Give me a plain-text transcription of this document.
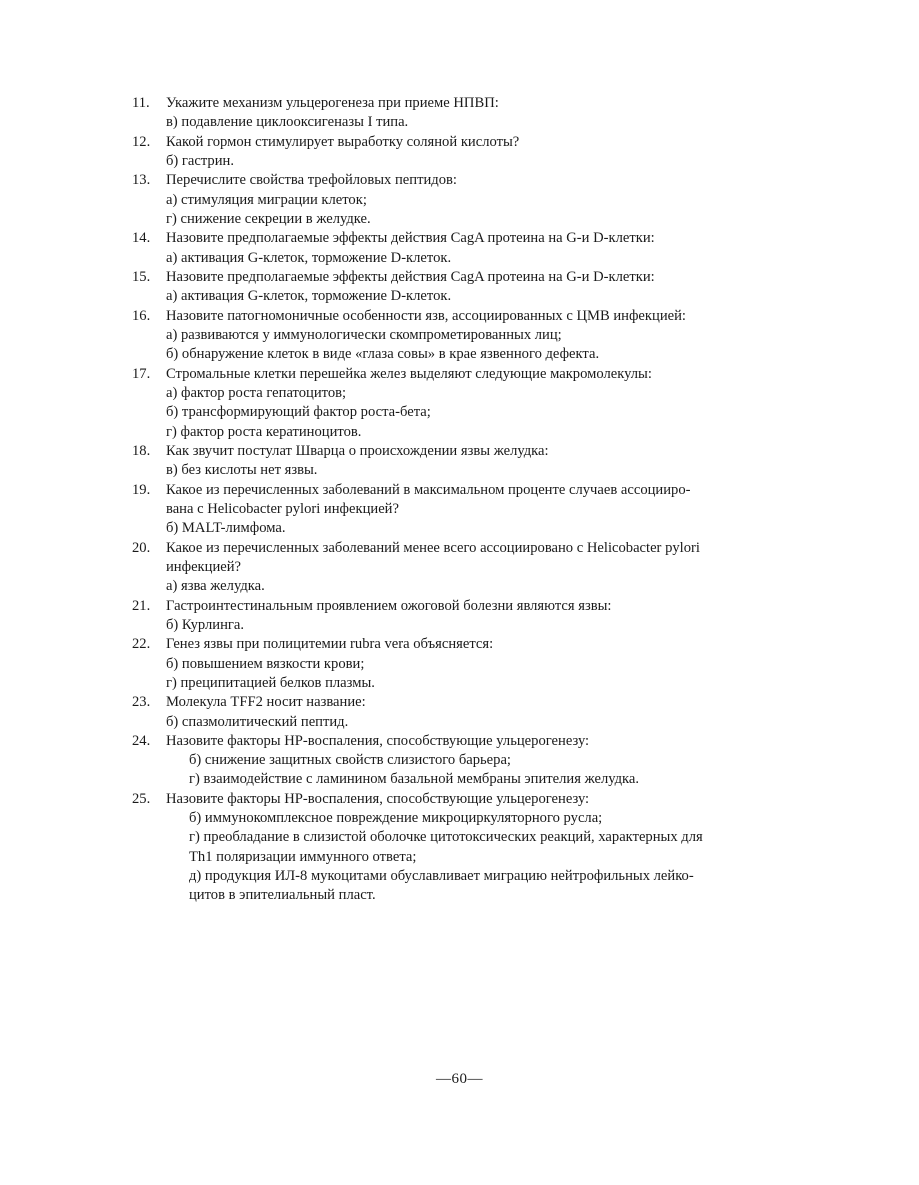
11. Укажите механизм ульцерогенеза при приеме НПВП:
в) подавление циклооксигеназы I типа.
12. Какой гормон стимулирует выработку соляной кислоты?
б) гастрин.
13. Перечислите свойства трефойловых пептидов:
а) стимуляция миграции клеток;
г) снижение секреции в желудке.
14. Назовите предполагаемые эффекты действия CagA протеина на G-и D-клетки:
а) активация G-клеток, торможение D-клеток.
15. Назовите предполагаемые эффекты действия CagA протеина на G-и D-клетки:
а) активация G-клеток, торможение D-клеток.
16. Назовите патогномоничные особенности язв, ассоциированных с ЦМВ инфекцией:
а) развиваются у иммунологически скомпрометированных лиц;
б) обнаружение клеток в виде «глаза совы» в крае язвенного дефекта.
17. Стромальные клетки перешейка желез выделяют следующие макромолекулы:
а) фактор роста гепатоцитов;
б) трансформирующий фактор роста-бета;
г) фактор роста кератиноцитов.
18. Как звучит постулат Шварца о происхождении язвы желудка:
в) без кислоты нет язвы.
19. Какое из перечисленных заболеваний в максимальном проценте случаев ассоцииро-
вана с Helicobacter pylori инфекцией?
б) MALT-лимфома.
20. Какое из перечисленных заболеваний менее всего ассоциировано с Helicobacter pylori
инфекцией?
а) язва желудка.
21. Гастроинтестинальным проявлением ожоговой болезни являются язвы:
б) Курлинга.
22. Генез язвы при полицитемии rubra vera объясняется:
б) повышением вязкости крови;
г) преципитацией белков плазмы.
23. Молекула TFF2 носит название:
б) спазмолитический пептид.
24. Назовите факторы HP-воспаления, способствующие ульцерогенезу:
б) снижение защитных свойств слизистого барьера;
г) взаимодействие с ламинином базальной мембраны эпителия желудка.
25. Назовите факторы HP-воспаления, способствующие ульцерогенезу:
б) иммунокомплексное повреждение микроциркуляторного русла;
г) преобладание в слизистой оболочке цитотоксических реакций, характерных для
Th1 поляризации иммунного ответа;
д) продукция ИЛ-8 мукоцитами обуславливает миграцию нейтрофильных лейко-
цитов в эпителиальный пласт.
—60—
